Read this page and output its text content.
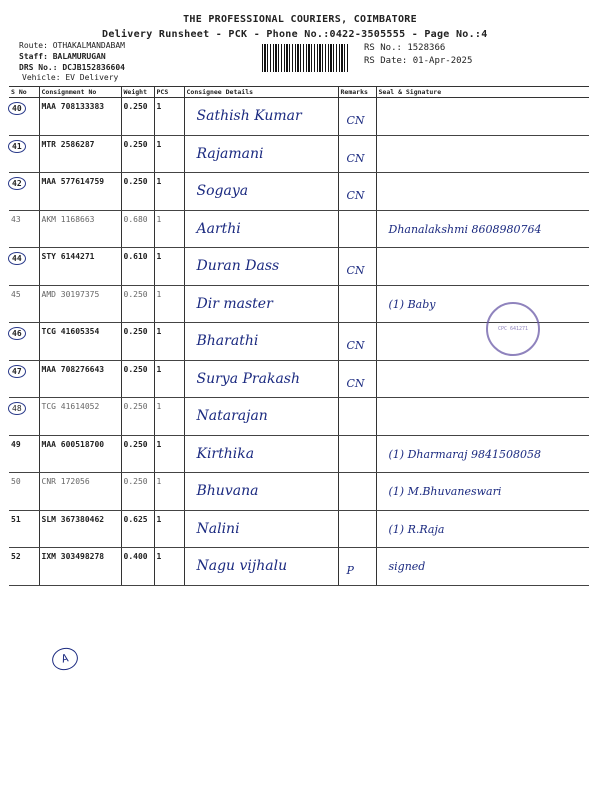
THE PROFESSIONAL COURIERS, COIMBATORE
Delivery Runsheet - PCK - Phone No.:0422-3505555 - Page No.:4
Route: OTHAKALMANDABAM
Staff: BALAMURUGAN
DRS No.: DCJB152836604
Vehicle: EV Delivery
RS No.: 1528366
RS Date: 01-Apr-2025
S No	Consignment No	Weight	PCS	Consignee Details	Remarks	Seal & Signature
40	MAA 708133383	0.250	1	Sathish Kumar	CN	

41	MTR 2586287	0.250	1	Rajamani	CN	

42	MAA 577614759	0.250	1	Sogaya	CN	

43	AKM 1168663	0.680	1	Aarthi		Dhanalakshmi 8608980764

44	STY 6144271	0.610	1	Duran Dass	CN	

45	AMD 30197375	0.250	1	Dir master		(1) Baby

46	TCG 41605354	0.250	1	Bharathi	CN	

47	MAA 708276643	0.250	1	Surya Prakash	CN	

48	TCG 41614052	0.250	1	Natarajan		

49	MAA 600518700	0.250	1	Kirthika		(1) Dharmaraj 9841508058

50	CNR 172056	0.250	1	Bhuvana		(1) M.Bhuvaneswari

51	SLM 367380462	0.625	1	Nalini		(1) R.Raja

52	IXM 303498278	0.400	1	Nagu vijhalu	P	signed
CPC 641271
A
